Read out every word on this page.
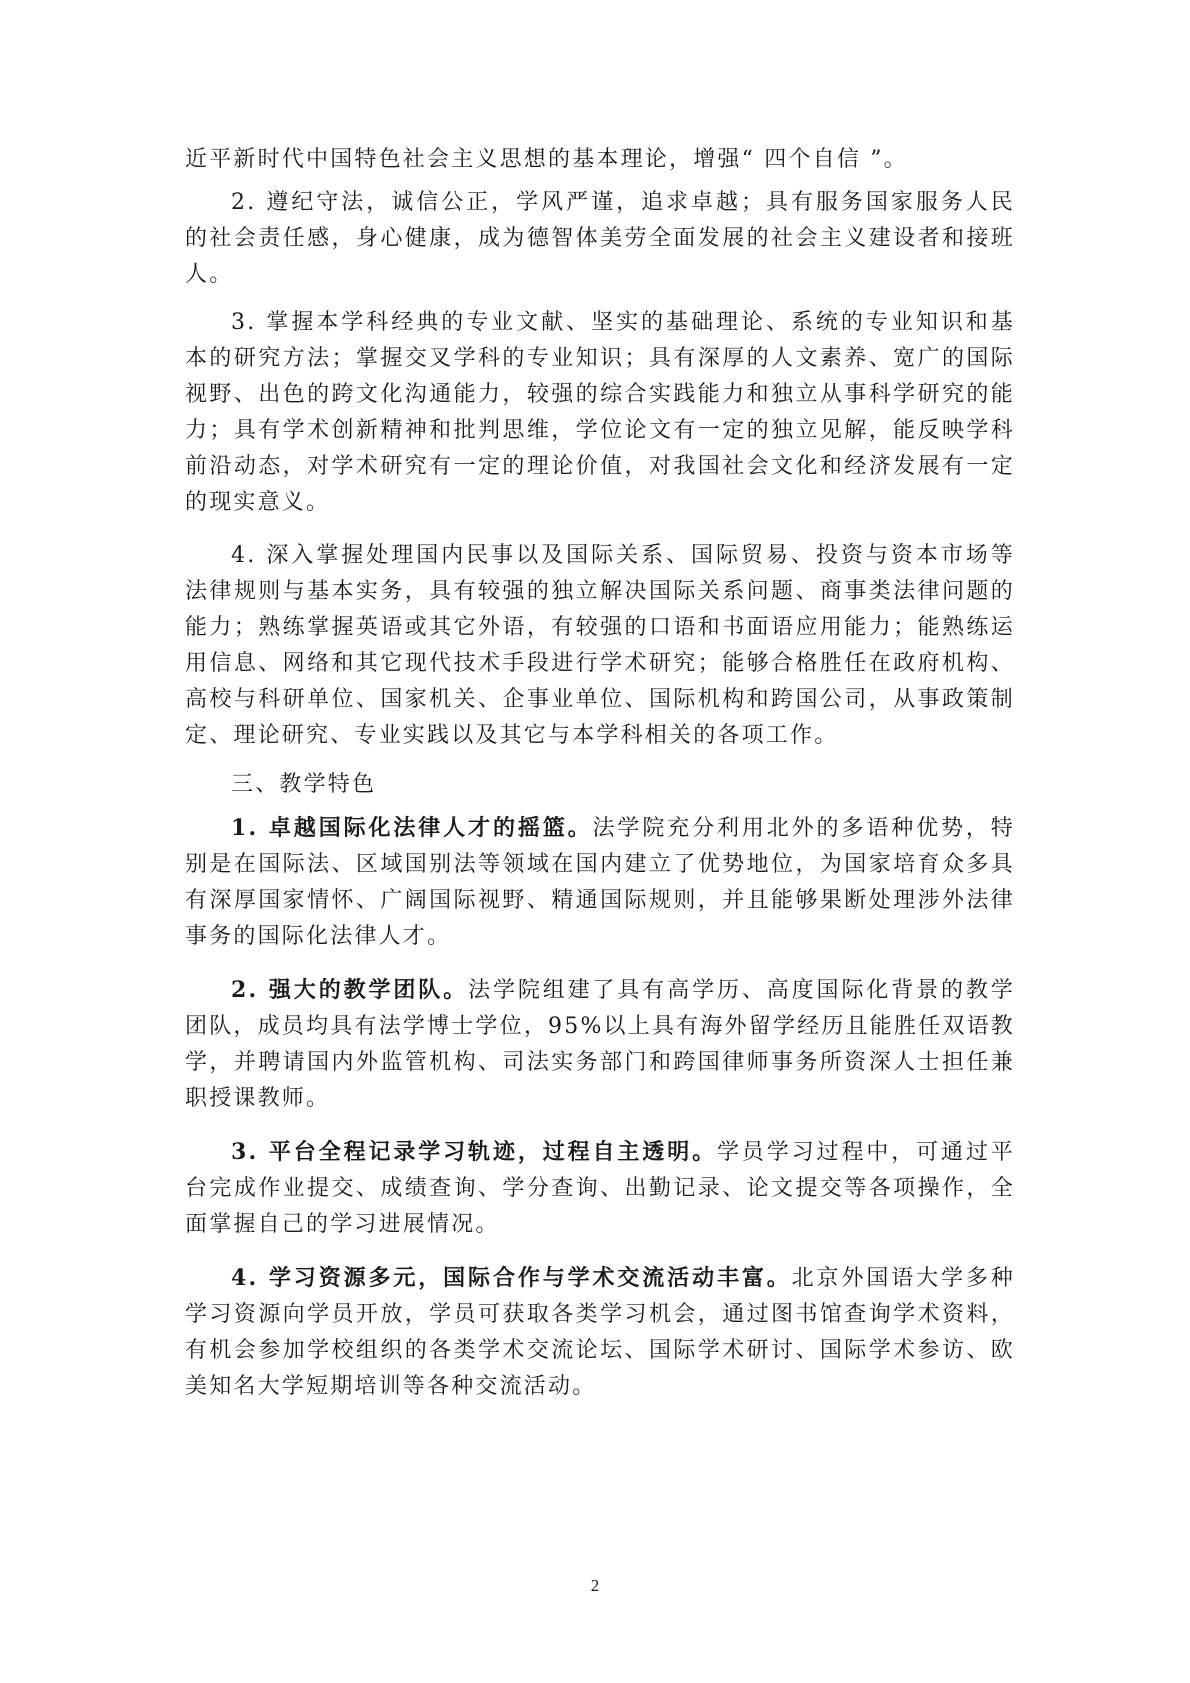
近平新时代中国特色社会主义思想的基本理论，增强“ 四个自信 ”。

2. 遵纪守法，诚信公正，学风严谨，追求卓越；具有服务国家服务人民的社会责任感，身心健康，成为德智体美劳全面发展的社会主义建设者和接班人。

3. 掌握本学科经典的专业文献、坚实的基础理论、系统的专业知识和基本的研究方法；掌握交叉学科的专业知识；具有深厚的人文素养、宽广的国际视野、出色的跨文化沟通能力，较强的综合实践能力和独立从事科学研究的能力；具有学术创新精神和批判思维，学位论文有一定的独立见解，能反映学科前沿动态，对学术研究有一定的理论价值，对我国社会文化和经济发展有一定的现实意义。

4. 深入掌握处理国内民事以及国际关系、国际贸易、投资与资本市场等法律规则与基本实务，具有较强的独立解决国际关系问题、商事类法律问题的能力；熟练掌握英语或其它外语，有较强的口语和书面语应用能力；能熟练运用信息、网络和其它现代技术手段进行学术研究；能够合格胜任在政府机构、高校与科研单位、国家机关、企事业单位、国际机构和跨国公司，从事政策制定、理论研究、专业实践以及其它与本学科相关的各项工作。

三、教学特色

1. 卓越国际化法律人才的摇篮。法学院充分利用北外的多语种优势，特别是在国际法、区域国别法等领域在国内建立了优势地位，为国家培育众多具有深厚国家情怀、广阔国际视野、精通国际规则，并且能够果断处理涉外法律事务的国际化法律人才。

2. 强大的教学团队。法学院组建了具有高学历、高度国际化背景的教学团队，成员均具有法学博士学位，95%以上具有海外留学经历且能胜任双语教学，并聘请国内外监管机构、司法实务部门和跨国律师事务所资深人士担任兼职授课教师。

3. 平台全程记录学习轨迹，过程自主透明。学员学习过程中，可通过平台完成作业提交、成绩查询、学分查询、出勤记录、论文提交等各项操作，全面掌握自己的学习进展情况。

4. 学习资源多元，国际合作与学术交流活动丰富。北京外国语大学多种学习资源向学员开放，学员可获取各类学习机会，通过图书馆查询学术资料，有机会参加学校组织的各类学术交流论坛、国际学术研讨、国际学术参访、欧美知名大学短期培训等各种交流活动。

2
